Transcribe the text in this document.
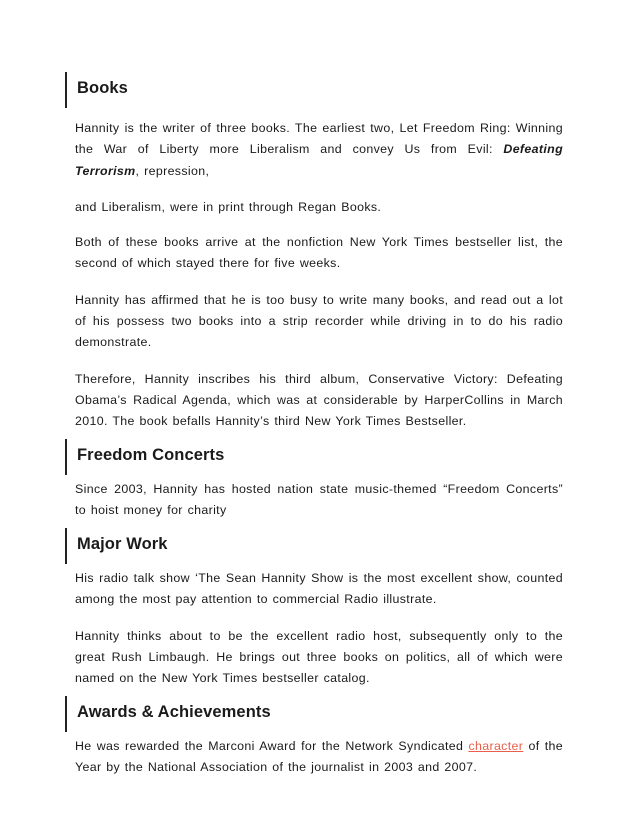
Books

Hannity is the writer of three books. The earliest two, Let Freedom Ring: Winning the War of Liberty more Liberalism and convey Us from Evil: Defeating Terrorism, repression,

and Liberalism, were in print through Regan Books.

Both of these books arrive at the nonfiction New York Times bestseller list, the second of which stayed there for five weeks.

Hannity has affirmed that he is too busy to write many books, and read out a lot of his possess two books into a strip recorder while driving in to do his radio demonstrate.

Therefore, Hannity inscribes his third album, Conservative Victory: Defeating Obama’s Radical Agenda, which was at considerable by HarperCollins in March 2010. The book befalls Hannity’s third New York Times Bestseller.

Freedom Concerts

Since 2003, Hannity has hosted nation state music-themed “Freedom Concerts” to hoist money for charity

Major Work

His radio talk show ‘The Sean Hannity Show is the most excellent show, counted among the most pay attention to commercial Radio illustrate.

Hannity thinks about to be the excellent radio host, subsequently only to the great Rush Limbaugh. He brings out three books on politics, all of which were named on the New York Times bestseller catalog.

Awards & Achievements

He was rewarded the Marconi Award for the Network Syndicated character of the Year by the National Association of the journalist in 2003 and 2007.
